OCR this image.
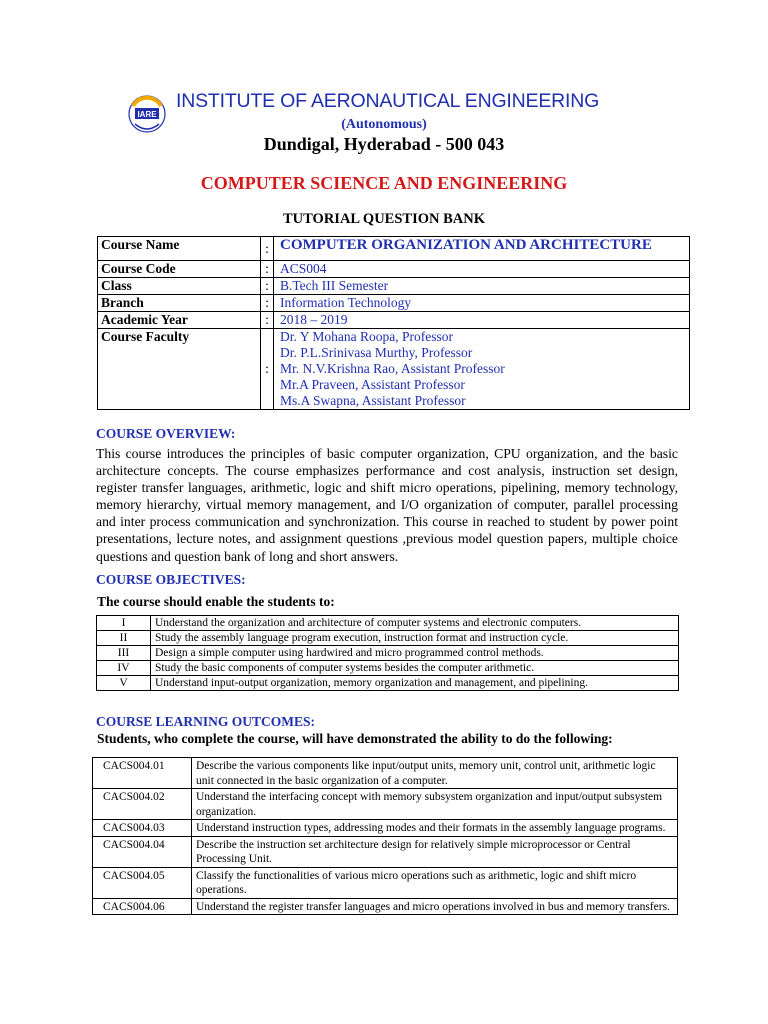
IARE
INSTITUTE OF AERONAUTICAL ENGINEERING
(Autonomous)
Dundigal, Hyderabad - 500 043
COMPUTER SCIENCE AND ENGINEERING
TUTORIAL QUESTION BANK
Course Name	:	COMPUTER ORGANIZATION AND ARCHITECTURE
Course Code	:	ACS004
Class	:	B.Tech III Semester
Branch	:	Information Technology
Academic Year	:	2018 – 2019
Course Faculty	:	Dr. Y Mohana Roopa, Professor
Dr. P.L.Srinivasa Murthy, Professor
Mr. N.V.Krishna Rao, Assistant Professor
Mr.A Praveen, Assistant Professor
Ms.A Swapna, Assistant Professor
COURSE OVERVIEW:
This course introduces the principles of basic computer organization, CPU organization, and the basic architecture concepts. The course emphasizes performance and cost analysis, instruction set design, register transfer languages, arithmetic, logic and shift micro operations, pipelining, memory technology, memory hierarchy, virtual memory management, and I/O organization of computer, parallel processing and inter process communication and synchronization. This course in reached to student by power point presentations, lecture notes, and assignment questions ,previous model question papers, multiple choice questions and question bank of long and short answers.
COURSE OBJECTIVES:
The course should enable the students to:
I	Understand the organization and architecture of computer systems and electronic computers.
II	Study the assembly language program execution, instruction format and instruction cycle.
III	Design a simple computer using hardwired and micro programmed control methods.
IV	Study the basic components of computer systems besides the computer arithmetic.
V	Understand input-output organization, memory organization and management, and pipelining.
COURSE LEARNING OUTCOMES:
Students, who complete the course, will have demonstrated the ability to do the following:
CACS004.01	Describe the various components like input/output units, memory unit, control unit, arithmetic logic unit connected in the basic organization of a computer.
CACS004.02	Understand the interfacing concept with memory subsystem organization and input/output subsystem organization.
CACS004.03	Understand instruction types, addressing modes and their formats in the assembly language programs.
CACS004.04	Describe the instruction set architecture design for relatively simple microprocessor or Central Processing Unit.
CACS004.05	Classify the functionalities of various micro operations such as arithmetic, logic and shift micro operations.
CACS004.06	Understand the register transfer languages and micro operations involved in bus and memory transfers.
